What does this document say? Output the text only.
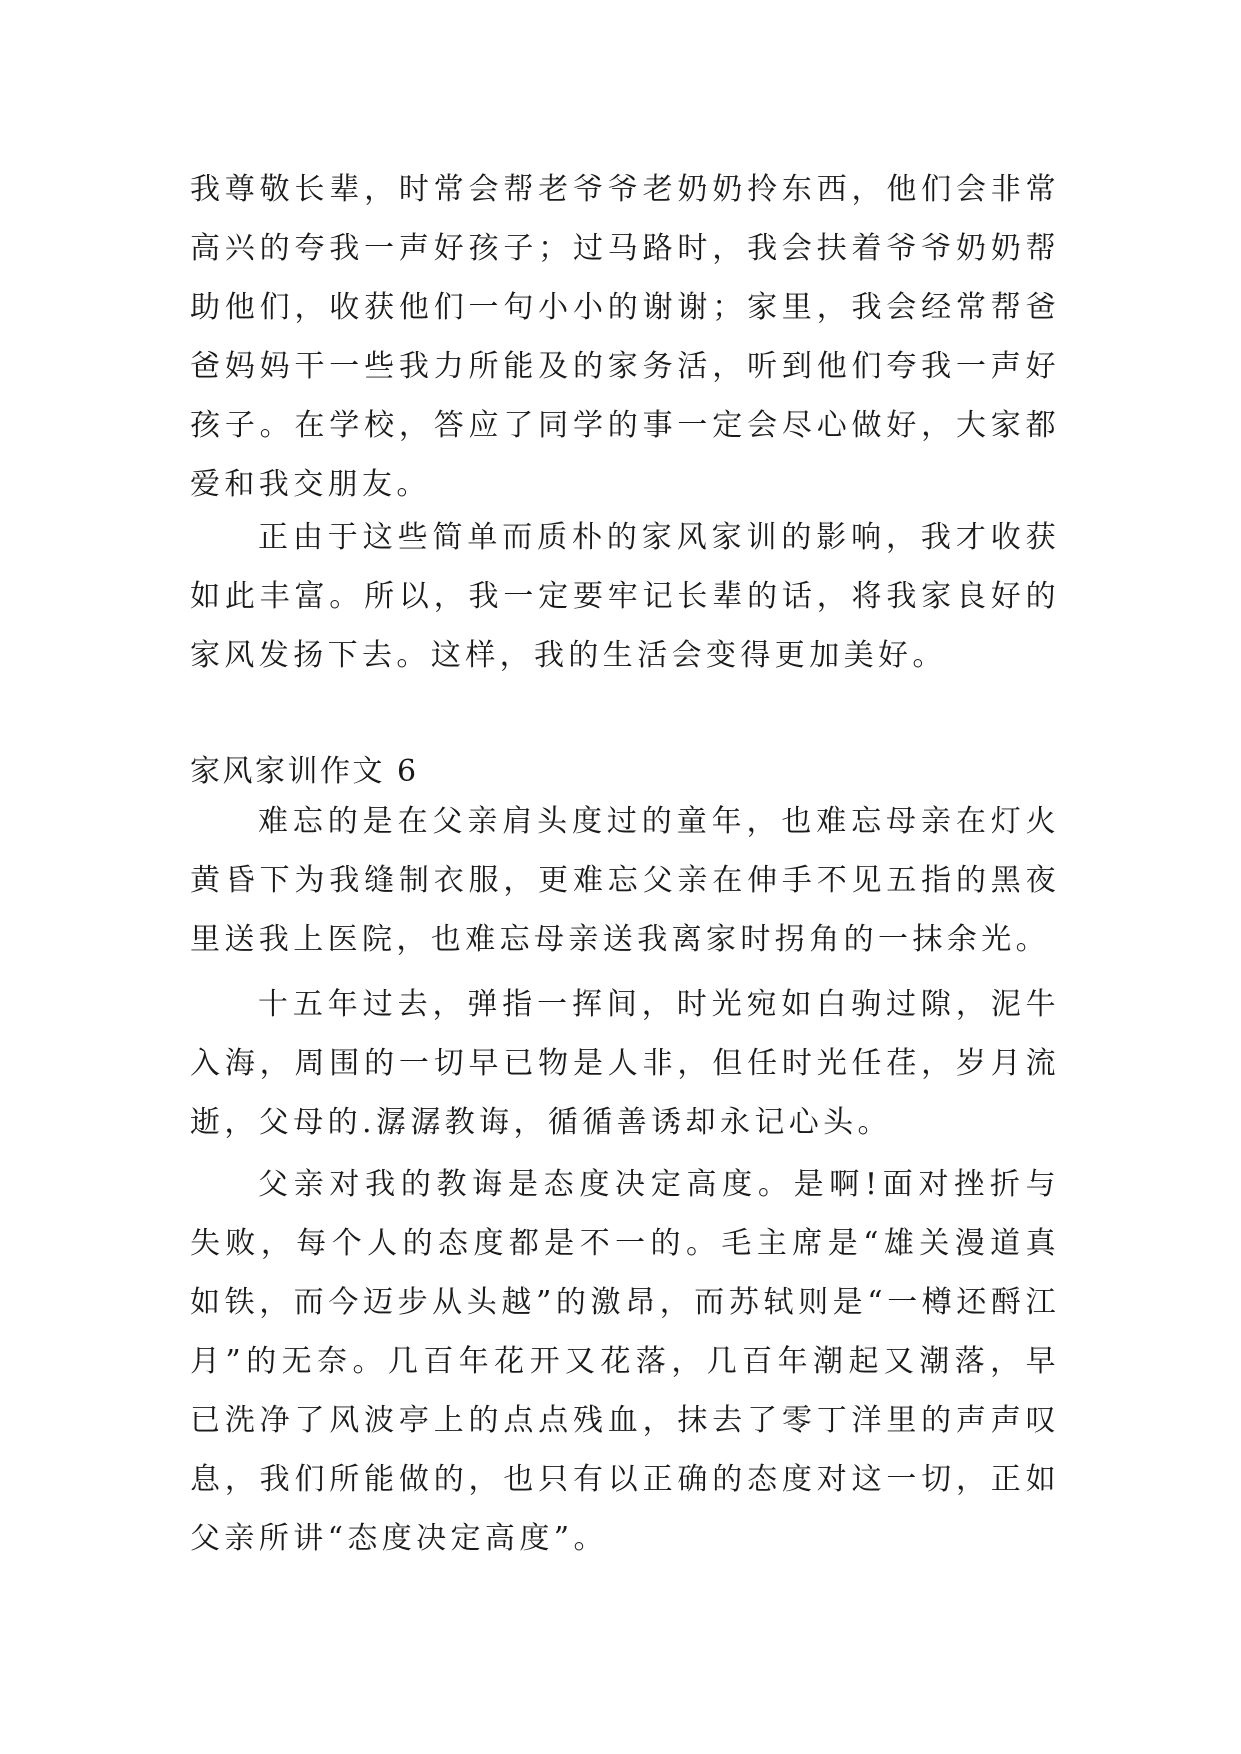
我尊敬长辈，时常会帮老爷爷老奶奶拎东西，他们会非常高兴的夸我一声好孩子；过马路时，我会扶着爷爷奶奶帮助他们，收获他们一句小小的谢谢；家里，我会经常帮爸爸妈妈干一些我力所能及的家务活，听到他们夸我一声好孩子。在学校，答应了同学的事一定会尽心做好，大家都爱和我交朋友。

正由于这些简单而质朴的家风家训的影响，我才收获如此丰富。所以，我一定要牢记长辈的话，将我家良好的家风发扬下去。这样，我的生活会变得更加美好。

家风家训作文 6

难忘的是在父亲肩头度过的童年，也难忘母亲在灯火黄昏下为我缝制衣服，更难忘父亲在伸手不见五指的黑夜里送我上医院，也难忘母亲送我离家时拐角的一抹余光。

十五年过去，弹指一挥间，时光宛如白驹过隙，泥牛入海，周围的一切早已物是人非，但任时光任荏，岁月流逝，父母的.潺潺教诲，循循善诱却永记心头。

父亲对我的教诲是态度决定高度。是啊!面对挫折与失败，每个人的态度都是不一的。毛主席是“雄关漫道真如铁，而今迈步从头越”的激昂，而苏轼则是“一樽还酹江月”的无奈。几百年花开又花落，几百年潮起又潮落，早已洗净了风波亭上的点点残血，抹去了零丁洋里的声声叹息，我们所能做的，也只有以正确的态度对这一切，正如父亲所讲“态度决定高度”。
